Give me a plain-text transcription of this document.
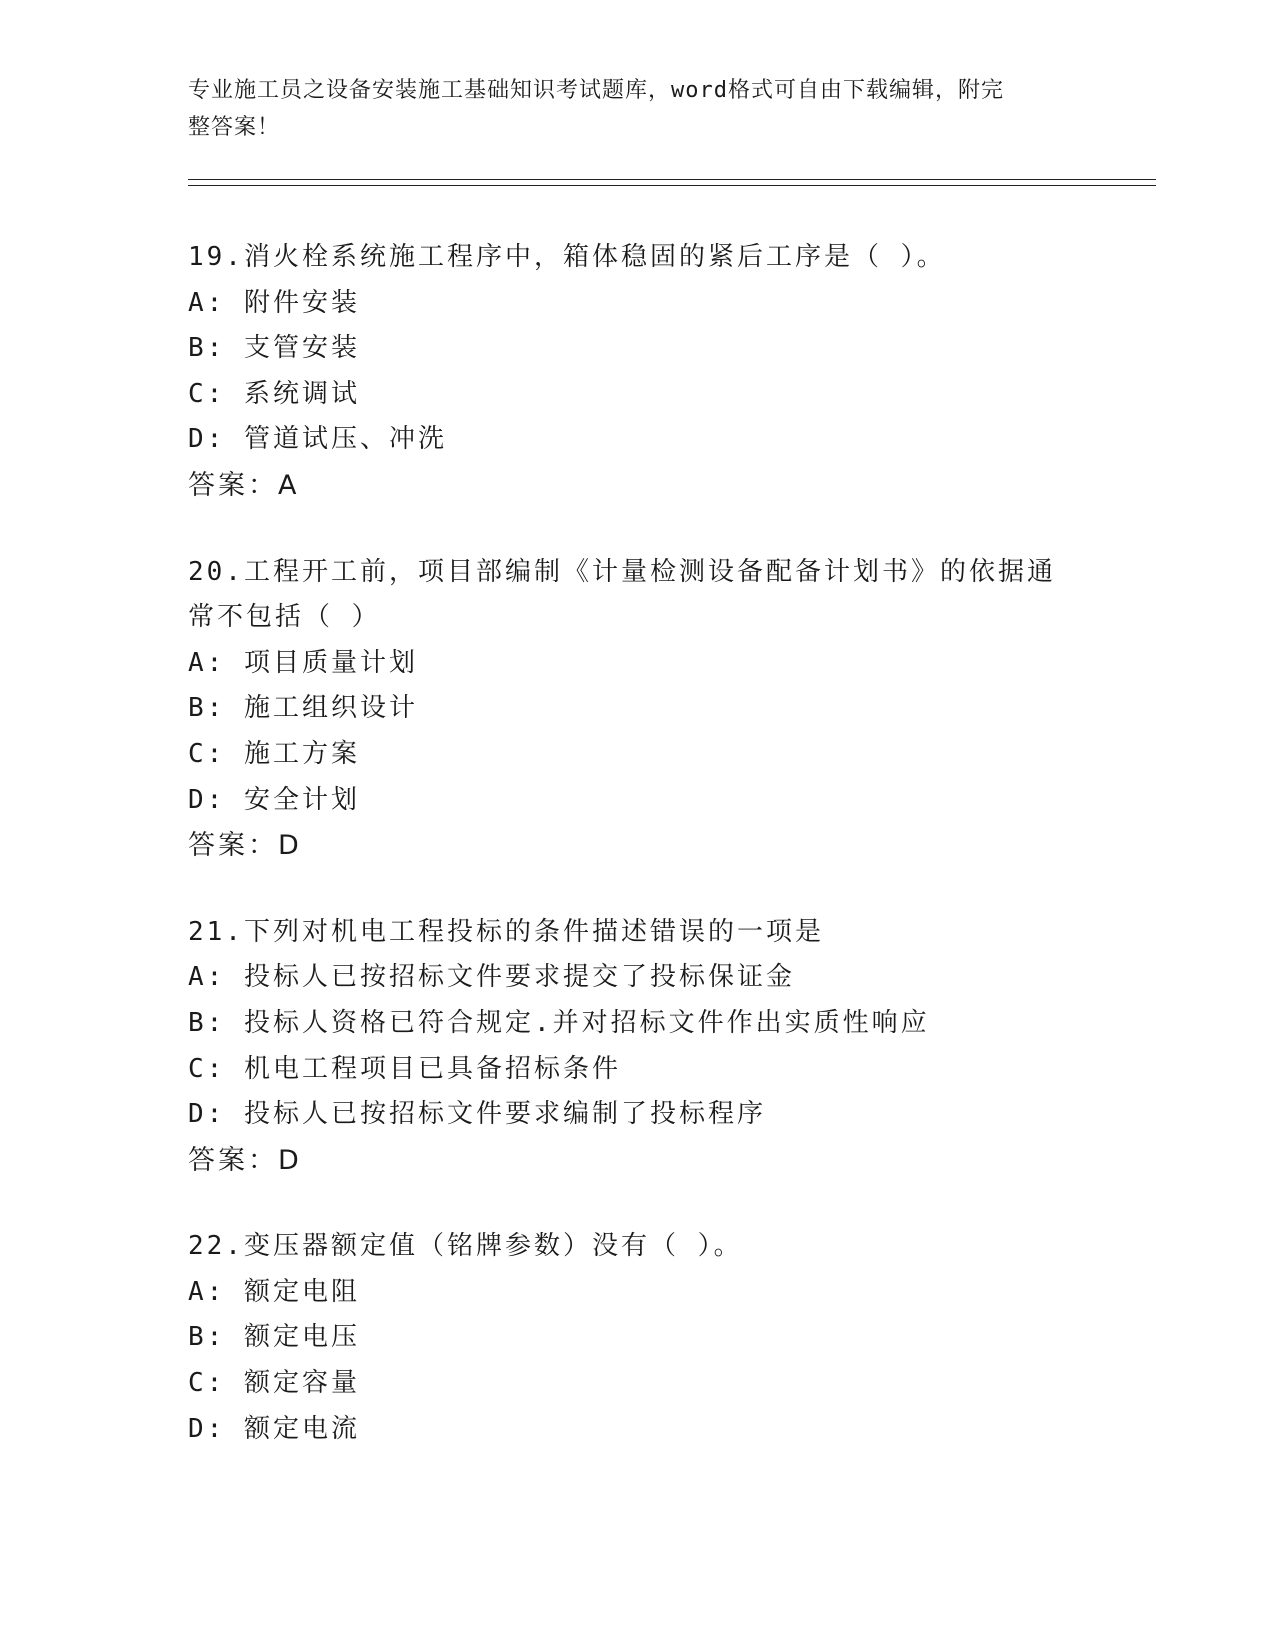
专业施工员之设备安装施工基础知识考试题库，word格式可自由下载编辑，附完
整答案！
19.消火栓系统施工程序中，箱体稳固的紧后工序是（ ）。
A: 附件安装
B: 支管安装
C: 系统调试
D: 管道试压、冲洗
答案：A
20.工程开工前，项目部编制《计量检测设备配备计划书》的依据通常不包括（ ）
A: 项目质量计划
B: 施工组织设计
C: 施工方案
D: 安全计划
答案：D
21.下列对机电工程投标的条件描述错误的一项是
A: 投标人已按招标文件要求提交了投标保证金
B: 投标人资格已符合规定.并对招标文件作出实质性响应
C: 机电工程项目已具备招标条件
D: 投标人已按招标文件要求编制了投标程序
答案：D
22.变压器额定值（铭牌参数）没有（ ）。
A: 额定电阻
B: 额定电压
C: 额定容量
D: 额定电流
